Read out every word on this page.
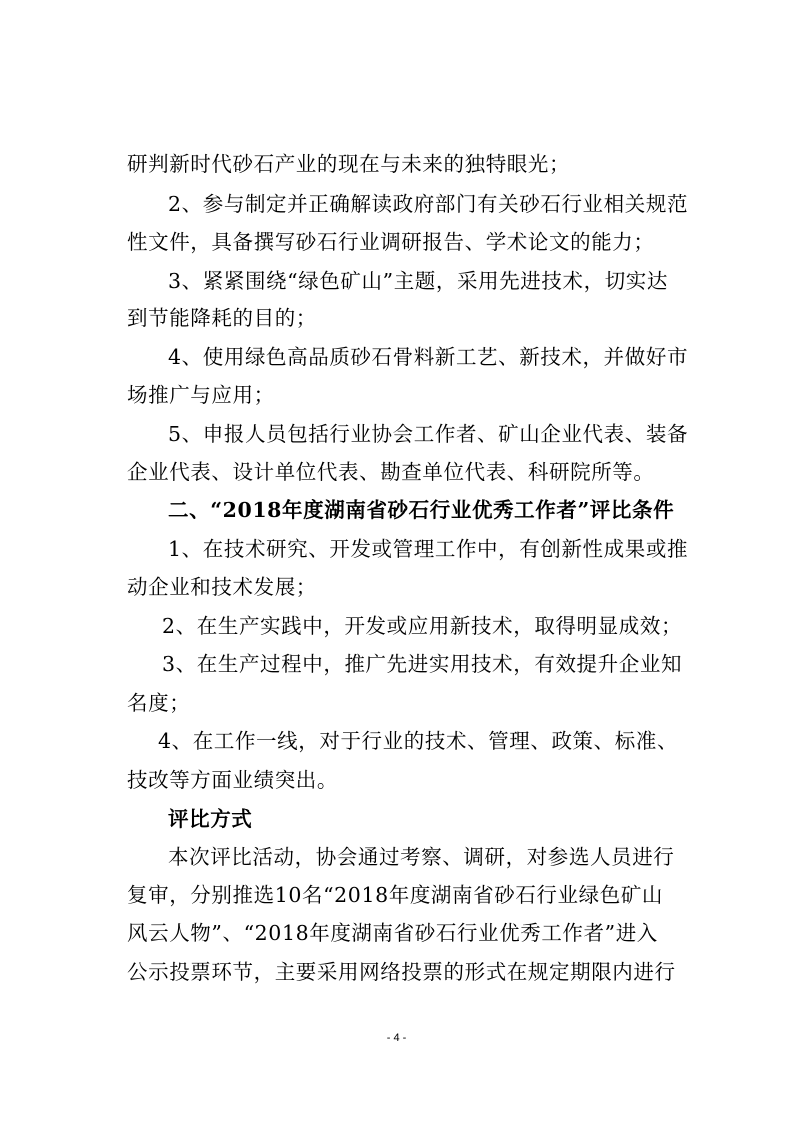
研判新时代砂石产业的现在与未来的独特眼光；
2、参与制定并正确解读政府部门有关砂石行业相关规范
性文件，具备撰写砂石行业调研报告、学术论文的能力；
3、紧紧围绕“绿色矿山”主题，采用先进技术，切实达
到节能降耗的目的；
4、使用绿色高品质砂石骨料新工艺、新技术，并做好市
场推广与应用；
5、申报人员包括行业协会工作者、矿山企业代表、装备
企业代表、设计单位代表、勘查单位代表、科研院所等。
二、“2018年度湖南省砂石行业优秀工作者”评比条件
1、在技术研究、开发或管理工作中，有创新性成果或推
动企业和技术发展；
2、在生产实践中，开发或应用新技术，取得明显成效；
3、在生产过程中，推广先进实用技术，有效提升企业知
名度；
4、在工作一线，对于行业的技术、管理、政策、标准、
技改等方面业绩突出。
评比方式
本次评比活动，协会通过考察、调研，对参选人员进行
复审，分别推选10名“2018年度湖南省砂石行业绿色矿山
风云人物”、“2018年度湖南省砂石行业优秀工作者”进入
公示投票环节，主要采用网络投票的形式在规定期限内进行
- 4 -
